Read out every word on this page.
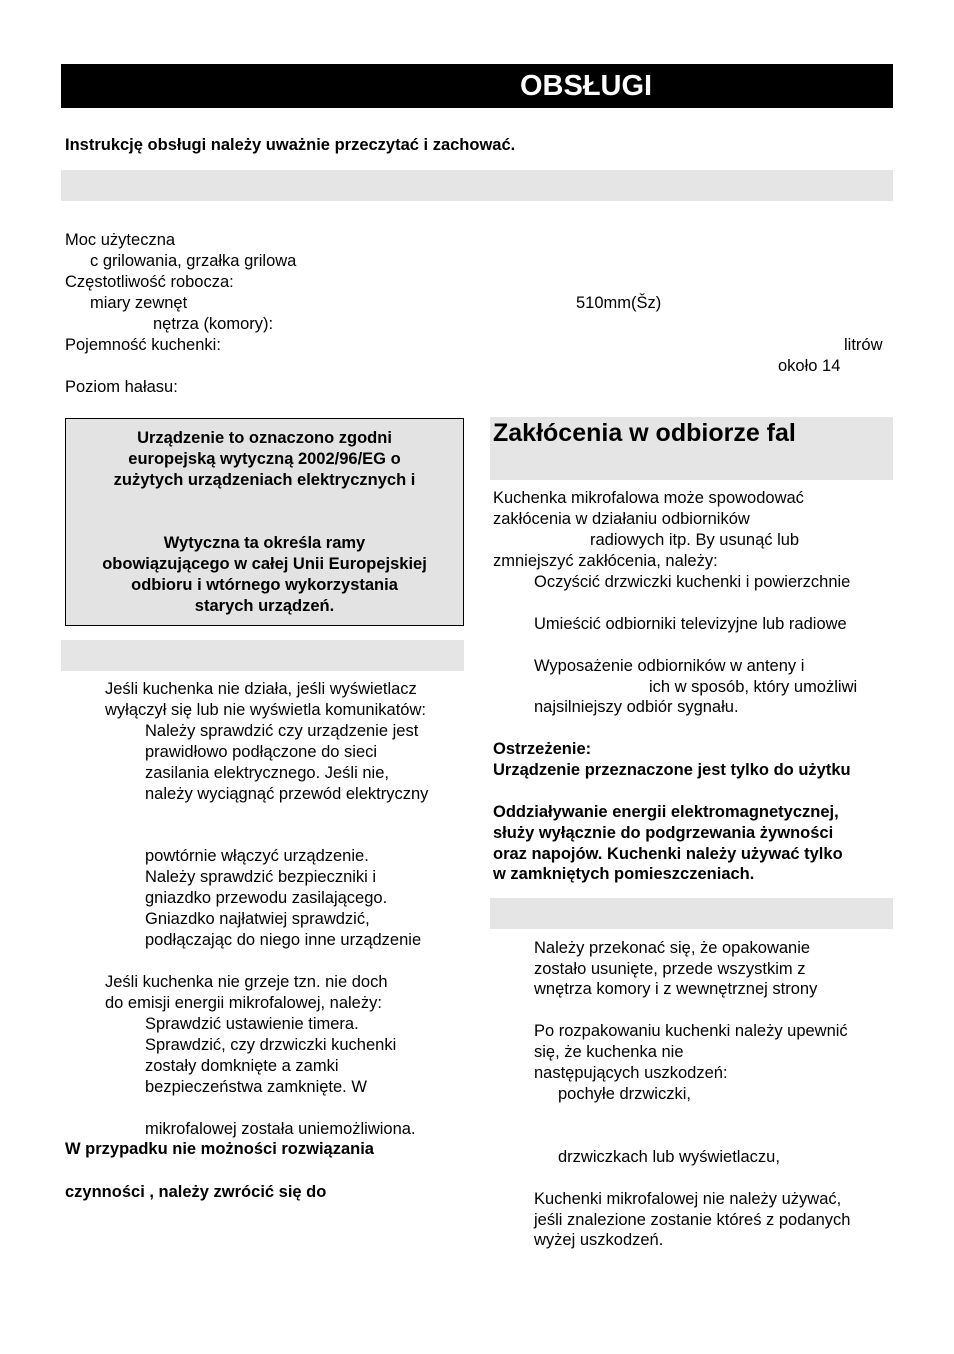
OBSŁUGI
Instrukcję obsługi należy uważnie przeczytać i zachować.
Moc użyteczna
c grilowania, grzałka grilowa
Częstotliwość robocza:
miary zewnęt	510mm(Šz)
nętrza (komory):
Pojemność kuchenki:	litrów
około 14
Poziom hałasu:
Urządzenie to oznaczono zgodni
europejską wytyczną 2002/96/EG o
zużytych urządzeniach elektrycznych i
Wytyczna ta określa ramy
obowiązującego w całej Unii Europejskiej
odbioru i wtórnego wykorzystania
starych urządzeń.
Zakłócenia w odbiorze fal
Jeśli kuchenka nie działa, jeśli wyświetlacz
wyłączył się lub nie wyświetla komunikatów:
Należy sprawdzić czy urządzenie jest
prawidłowo podłączone do sieci
zasilania elektrycznego. Jeśli nie,
należy wyciągnąć przewód elektryczny
powtórnie włączyć urządzenie.
Należy sprawdzić bezpieczniki i
gniazdko przewodu zasilającego.
Gniazdko najłatwiej sprawdzić,
podłączając do niego inne urządzenie
Jeśli kuchenka nie grzeje tzn. nie doch
do emisji energii mikrofalowej, należy:
Sprawdzić ustawienie timera.
Sprawdzić, czy drzwiczki kuchenki
zostały domknięte a zamki
bezpieczeństwa zamknięte. W
mikrofalowej została uniemożliwiona.
W przypadku nie możności rozwiązania
czynności , należy zwrócić się do
Kuchenka mikrofalowa może spowodować
zakłócenia w działaniu odbiorników
radiowych itp. By usunąć lub
zmniejszyć zakłócenia, należy:
Oczyścić drzwiczki kuchenki i powierzchnie
Umieścić odbiorniki televizyjne lub radiowe
Wyposażenie odbiorników w anteny i
ich w sposób, który umożliwi
najsilniejszy odbiór sygnału.
Ostrzeżenie:
Urządzenie przeznaczone jest tylko do użytku
Oddziaływanie energii elektromagnetycznej,
służy wyłącznie do podgrzewania żywności
oraz napojów. Kuchenki należy używać tylko
w zamkniętych pomieszczeniach.
Należy przekonać się, że opakowanie
zostało usunięte, przede wszystkim z
wnętrza komory i z wewnętrznej strony
Po rozpakowaniu kuchenki należy upewnić
się, że kuchenka nie
następujących uszkodzeń:
pochyłe drzwiczki,
drzwiczkach lub wyświetlaczu,
Kuchenki mikrofalowej nie należy używać,
jeśli znalezione zostanie któreś z podanych
wyżej uszkodzeń.
